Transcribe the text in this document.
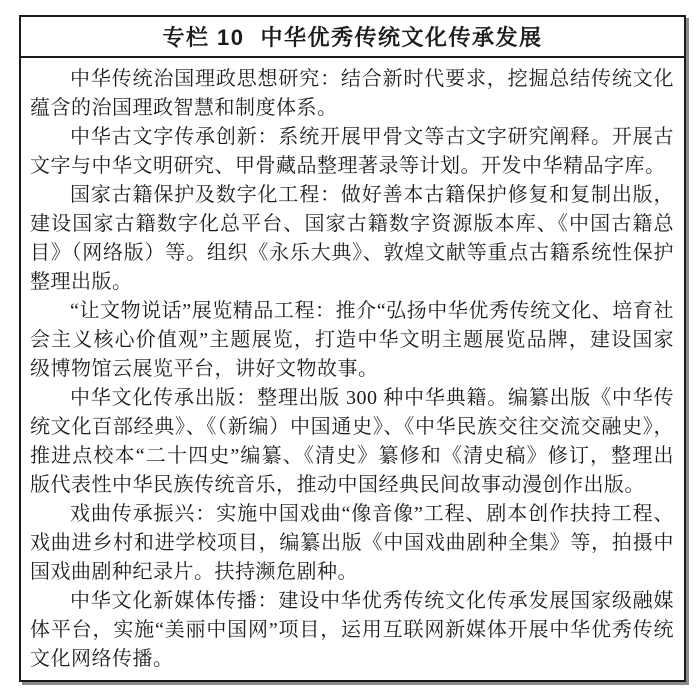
专栏 10 中华优秀传统文化传承发展

中华传统治国理政思想研究：结合新时代要求，挖掘总结传统文化蕴含的治国理政智慧和制度体系。

中华古文字传承创新：系统开展甲骨文等古文字研究阐释。开展古文字与中华文明研究、甲骨藏品整理著录等计划。开发中华精品字库。

国家古籍保护及数字化工程：做好善本古籍保护修复和复制出版，建设国家古籍数字化总平台、国家古籍数字资源版本库、《中国古籍总目》（网络版）等。组织《永乐大典》、敦煌文献等重点古籍系统性保护整理出版。

“让文物说话”展览精品工程：推介“弘扬中华优秀传统文化、培育社会主义核心价值观”主题展览，打造中华文明主题展览品牌，建设国家级博物馆云展览平台，讲好文物故事。

中华文化传承出版：整理出版 300 种中华典籍。编纂出版《中华传统文化百部经典》、《（新编）中国通史》、《中华民族交往交流交融史》，推进点校本“二十四史”编纂、《清史》纂修和《清史稿》修订，整理出版代表性中华民族传统音乐，推动中国经典民间故事动漫创作出版。

戏曲传承振兴：实施中国戏曲“像音像”工程、剧本创作扶持工程、戏曲进乡村和进学校项目，编纂出版《中国戏曲剧种全集》等，拍摄中国戏曲剧种纪录片。扶持濒危剧种。

中华文化新媒体传播：建设中华优秀传统文化传承发展国家级融媒体平台，实施“美丽中国网”项目，运用互联网新媒体开展中华优秀传统文化网络传播。
